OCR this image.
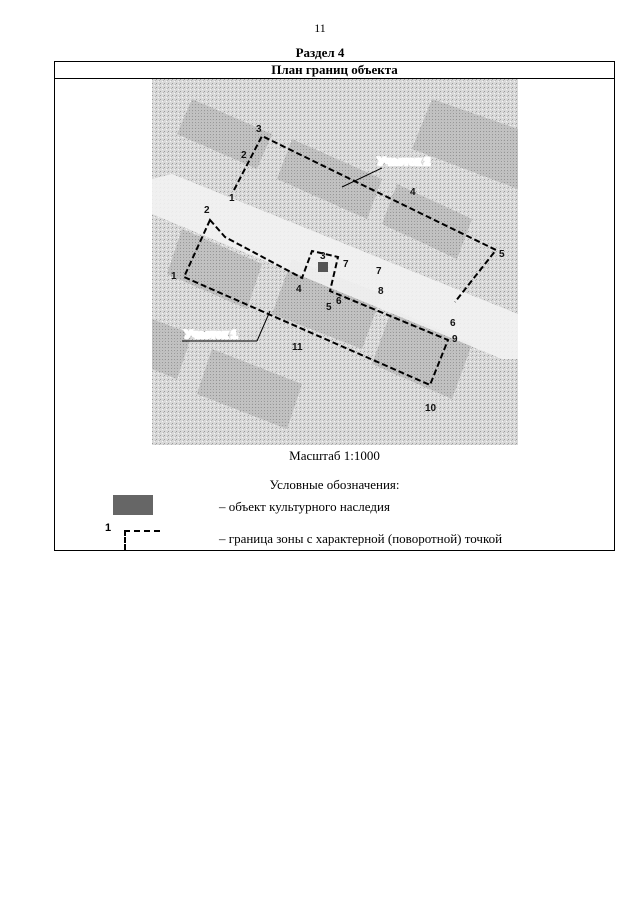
11
Раздел 4
План границ объекта
Участок 2
Участок 1
3
2
1
4
5
2
1
3
7
7
8
4
6
5
6
9
11
10
Масштаб 1:1000
Условные обозначения:
– объект культурного наследия
1
– граница зоны с характерной (поворотной) точкой
